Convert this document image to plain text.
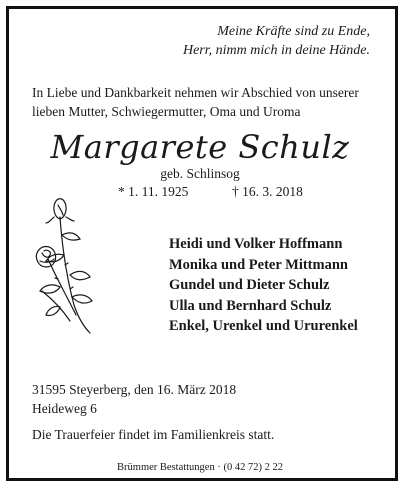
Meine Kräfte sind zu Ende,
Herr, nimm mich in deine Hände.
In Liebe und Dankbarkeit nehmen wir Abschied von unserer
lieben Mutter, Schwiegermutter, Oma und Uroma
Margarete Schulz
geb. Schlinsog
* 1. 11. 1925	† 16. 3. 2018
Heidi und Volker Hoffmann
Monika und Peter Mittmann
Gundel und Dieter Schulz
Ulla und Bernhard Schulz
Enkel, Urenkel und Ururenkel
31595 Steyerberg, den 16. März 2018
Heideweg 6
Die Trauerfeier findet im Familienkreis statt.
Brümmer Bestattungen · (0 42 72) 2 22
